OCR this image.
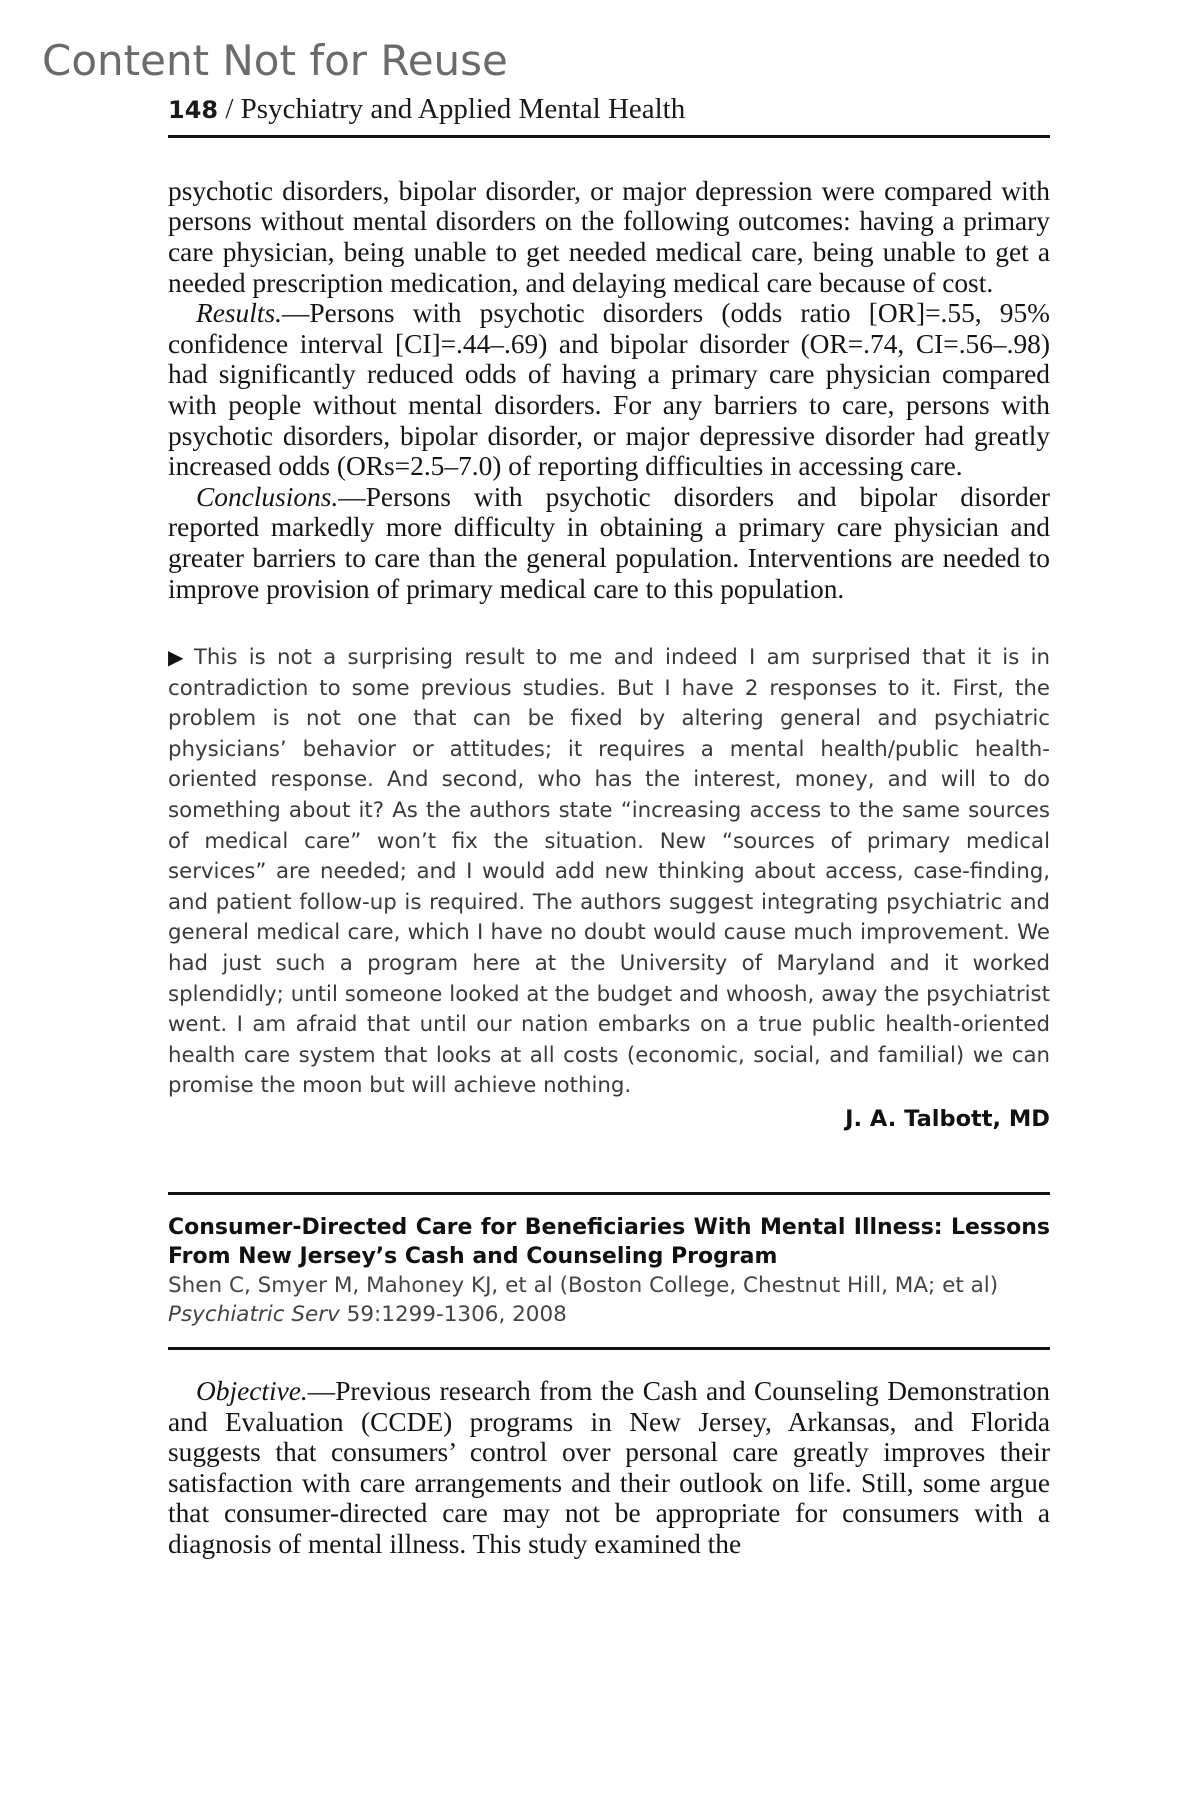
Content Not for Reuse
148 / Psychiatry and Applied Mental Health

psychotic disorders, bipolar disorder, or major depression were compared with persons without mental disorders on the following outcomes: having a primary care physician, being unable to get needed medical care, being unable to get a needed prescription medication, and delaying medical care because of cost.

Results.—Persons with psychotic disorders (odds ratio [OR]=.55, 95% confidence interval [CI]=.44–.69) and bipolar disorder (OR=.74, CI=.56–.98) had significantly reduced odds of having a primary care physician compared with people without mental disorders. For any barriers to care, persons with psychotic disorders, bipolar disorder, or major depressive disorder had greatly increased odds (ORs=2.5–7.0) of reporting difficulties in accessing care.

Conclusions.—Persons with psychotic disorders and bipolar disorder reported markedly more difficulty in obtaining a primary care physician and greater barriers to care than the general population. Interventions are needed to improve provision of primary medical care to this population.

▶ This is not a surprising result to me and indeed I am surprised that it is in contradiction to some previous studies. But I have 2 responses to it. First, the problem is not one that can be fixed by altering general and psychiatric physicians’ behavior or attitudes; it requires a mental health/public health-oriented response. And second, who has the interest, money, and will to do something about it? As the authors state “increasing access to the same sources of medical care” won’t fix the situation. New “sources of primary medical services” are needed; and I would add new thinking about access, case-finding, and patient follow-up is required. The authors suggest integrating psychiatric and general medical care, which I have no doubt would cause much improvement. We had just such a program here at the University of Maryland and it worked splendidly; until someone looked at the budget and whoosh, away the psychiatrist went. I am afraid that until our nation embarks on a true public health-oriented health care system that looks at all costs (economic, social, and familial) we can promise the moon but will achieve nothing.

J. A. Talbott, MD
Consumer-Directed Care for Beneficiaries With Mental Illness: Lessons From New Jersey’s Cash and Counseling Program
Shen C, Smyer M, Mahoney KJ, et al (Boston College, Chestnut Hill, MA; et al)
Psychiatric Serv 59:1299-1306, 2008

Objective.—Previous research from the Cash and Counseling Demonstration and Evaluation (CCDE) programs in New Jersey, Arkansas, and Florida suggests that consumers’ control over personal care greatly improves their satisfaction with care arrangements and their outlook on life. Still, some argue that consumer-directed care may not be appropriate for consumers with a diagnosis of mental illness. This study examined the
